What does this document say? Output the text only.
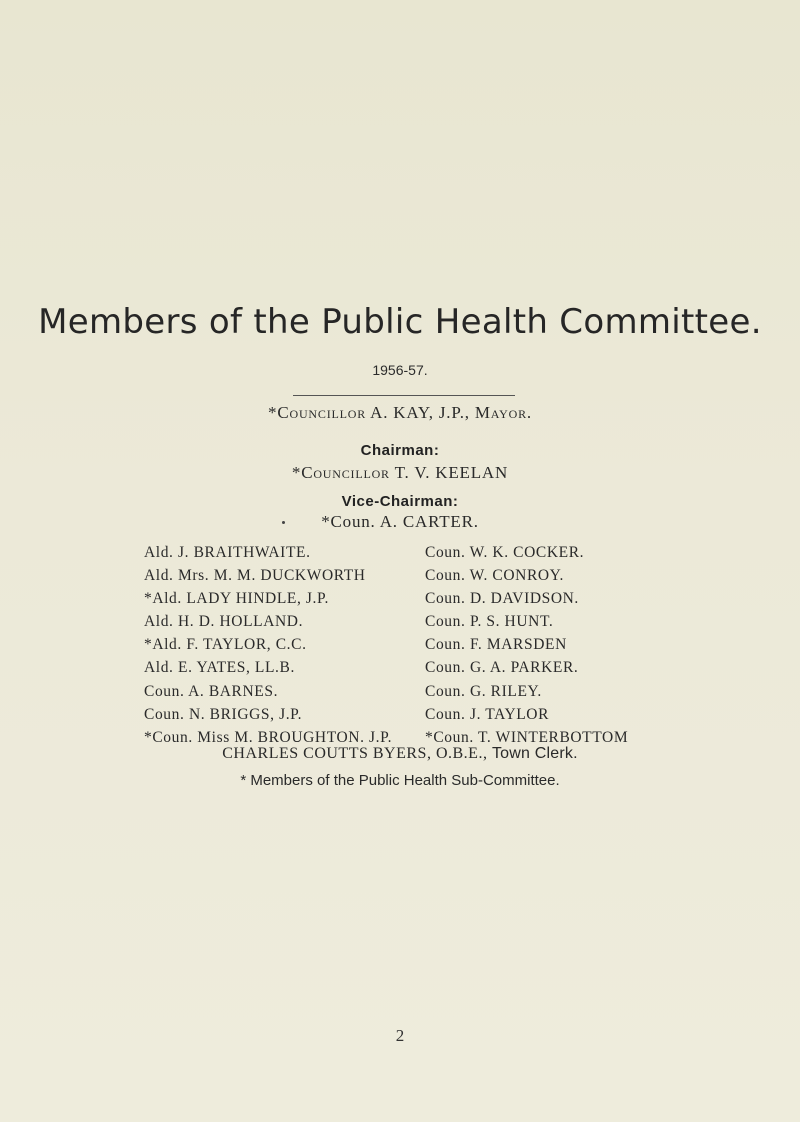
Members of the Public Health Committee.
1956-57.
*Councillor A. KAY, J.P., Mayor.
Chairman:
*Councillor T. V. KEELAN
Vice-Chairman:
*Coun. A. CARTER.
Ald. J. BRAITHWAITE.
Ald. Mrs. M. M. DUCKWORTH
*Ald. LADY HINDLE, J.P.
Ald. H. D. HOLLAND.
*Ald. F. TAYLOR, C.C.
Ald. E. YATES, LL.B.
Coun. A. BARNES.
Coun. N. BRIGGS, J.P.
*Coun. Miss M. BROUGHTON. J.P.
Coun. W. K. COCKER.
Coun. W. CONROY.
Coun. D. DAVIDSON.
Coun. P. S. HUNT.
Coun. F. MARSDEN
Coun. G. A. PARKER.
Coun. G. RILEY.
Coun. J. TAYLOR
*Coun. T. WINTERBOTTOM
CHARLES COUTTS BYERS, O.B.E., Town Clerk.
* Members of the Public Health Sub-Committee.
2
